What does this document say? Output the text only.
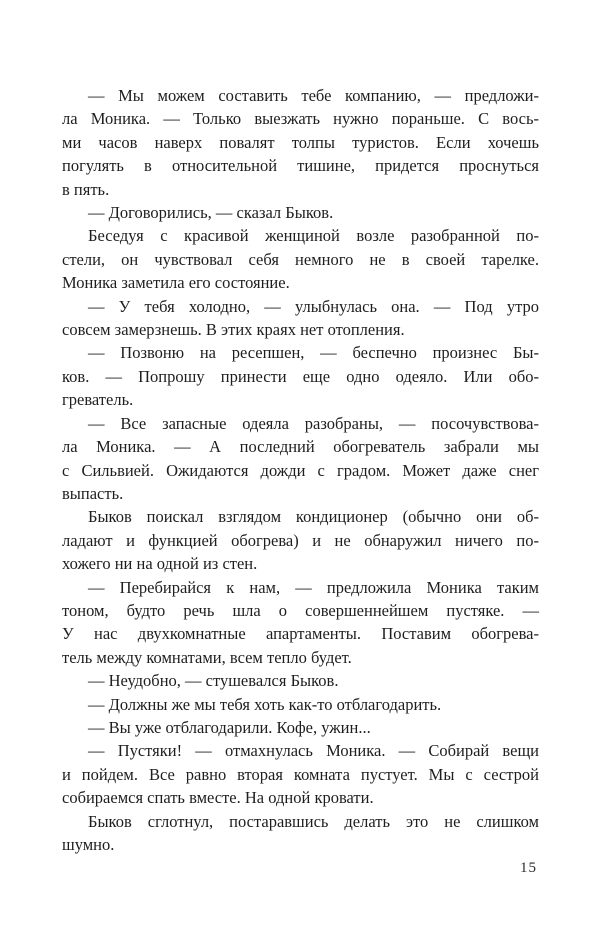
— Мы можем составить тебе компанию, — предложи-
ла Моника. — Только выезжать нужно пораньше. С вось-
ми часов наверх повалят толпы туристов. Если хочешь
погулять в относительной тишине, придется проснуться
в пять.
— Договорились, — сказал Быков.
Беседуя с красивой женщиной возле разобранной по-
стели, он чувствовал себя немного не в своей тарелке.
Моника заметила его состояние.
— У тебя холодно, — улыбнулась она. — Под утро
совсем замерзнешь. В этих краях нет отопления.
— Позвоню на ресепшен, — беспечно произнес Бы-
ков. — Попрошу принести еще одно одеяло. Или обо-
греватель.
— Все запасные одеяла разобраны, — посочувствова-
ла Моника. — А последний обогреватель забрали мы
с Сильвией. Ожидаются дожди с градом. Может даже снег
выпасть.
Быков поискал взглядом кондиционер (обычно они об-
ладают и функцией обогрева) и не обнаружил ничего по-
хожего ни на одной из стен.
— Перебирайся к нам, — предложила Моника таким
тоном, будто речь шла о совершеннейшем пустяке. —
У нас двухкомнатные апартаменты. Поставим обогрева-
тель между комнатами, всем тепло будет.
— Неудобно, — стушевался Быков.
— Должны же мы тебя хоть как-то отблагодарить.
— Вы уже отблагодарили. Кофе, ужин...
— Пустяки! — отмахнулась Моника. — Собирай вещи
и пойдем. Все равно вторая комната пустует. Мы с сестрой
собираемся спать вместе. На одной кровати.
Быков сглотнул, постаравшись делать это не слишком
шумно.
15
